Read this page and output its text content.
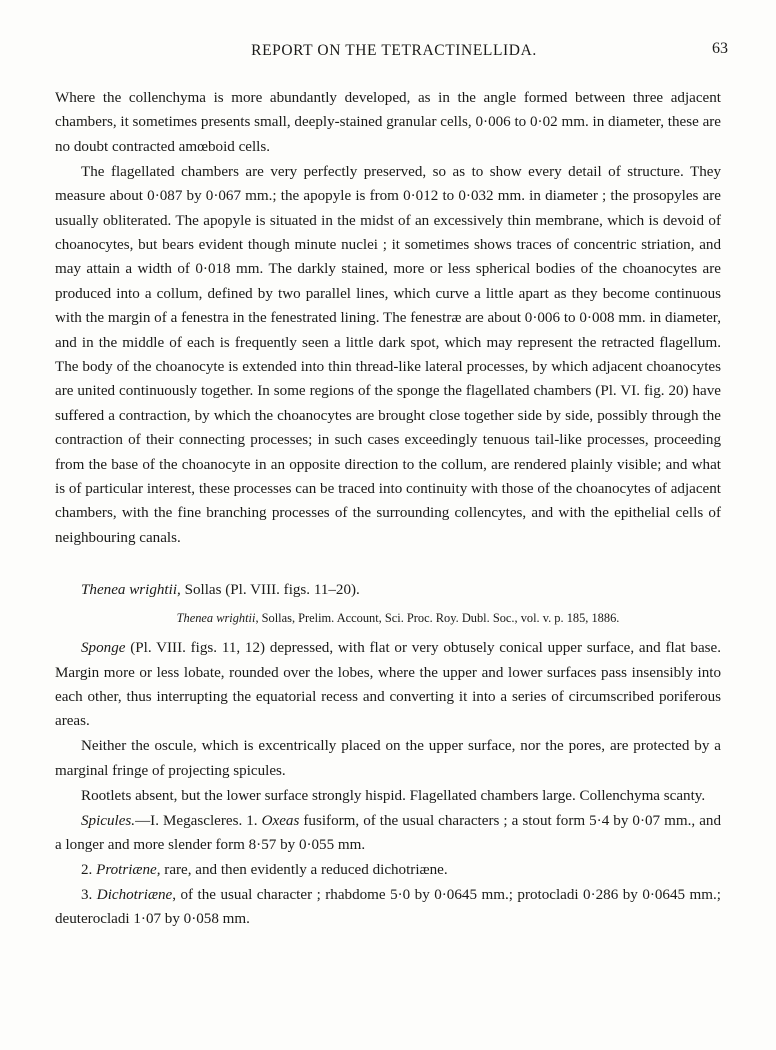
REPORT ON THE TETRACTINELLIDA.	63

Where the collenchyma is more abundantly developed, as in the angle formed between three adjacent chambers, it sometimes presents small, deeply-stained granular cells, 0·006 to 0·02 mm. in diameter, these are no doubt contracted amœboid cells.

The flagellated chambers are very perfectly preserved, so as to show every detail of structure. They measure about 0·087 by 0·067 mm.; the apopyle is from 0·012 to 0·032 mm. in diameter ; the prosopyles are usually obliterated. The apopyle is situated in the midst of an excessively thin membrane, which is devoid of choanocytes, but bears evident though minute nuclei ; it sometimes shows traces of concentric striation, and may attain a width of 0·018 mm. The darkly stained, more or less spherical bodies of the choanocytes are produced into a collum, defined by two parallel lines, which curve a little apart as they become continuous with the margin of a fenestra in the fenestrated lining. The fenestræ are about 0·006 to 0·008 mm. in diameter, and in the middle of each is frequently seen a little dark spot, which may represent the retracted flagellum. The body of the choanocyte is extended into thin thread-like lateral processes, by which adjacent choanocytes are united continuously together. In some regions of the sponge the flagellated chambers (Pl. VI. fig. 20) have suffered a contraction, by which the choanocytes are brought close together side by side, possibly through the contraction of their connecting processes; in such cases exceedingly tenuous tail-like processes, proceeding from the base of the choanocyte in an opposite direction to the collum, are rendered plainly visible; and what is of particular interest, these processes can be traced into continuity with those of the choanocytes of adjacent chambers, with the fine branching processes of the surrounding collencytes, and with the epithelial cells of neighbouring canals.

Thenea wrightii, Sollas (Pl. VIII. figs. 11–20).
Thenea wrightii, Sollas, Prelim. Account, Sci. Proc. Roy. Dubl. Soc., vol. v. p. 185, 1886.

Sponge (Pl. VIII. figs. 11, 12) depressed, with flat or very obtusely conical upper surface, and flat base. Margin more or less lobate, rounded over the lobes, where the upper and lower surfaces pass insensibly into each other, thus interrupting the equatorial recess and converting it into a series of circumscribed poriferous areas.

Neither the oscule, which is excentrically placed on the upper surface, nor the pores, are protected by a marginal fringe of projecting spicules.

Rootlets absent, but the lower surface strongly hispid. Flagellated chambers large. Collenchyma scanty.

Spicules.—I. Megascleres. 1. Oxeas fusiform, of the usual characters ; a stout form 5·4 by 0·07 mm., and a longer and more slender form 8·57 by 0·055 mm.

2. Protriæne, rare, and then evidently a reduced dichotriæne.

3. Dichotriæne, of the usual character ; rhabdome 5·0 by 0·0645 mm.; protocladi 0·286 by 0·0645 mm.; deuterocladi 1·07 by 0·058 mm.
